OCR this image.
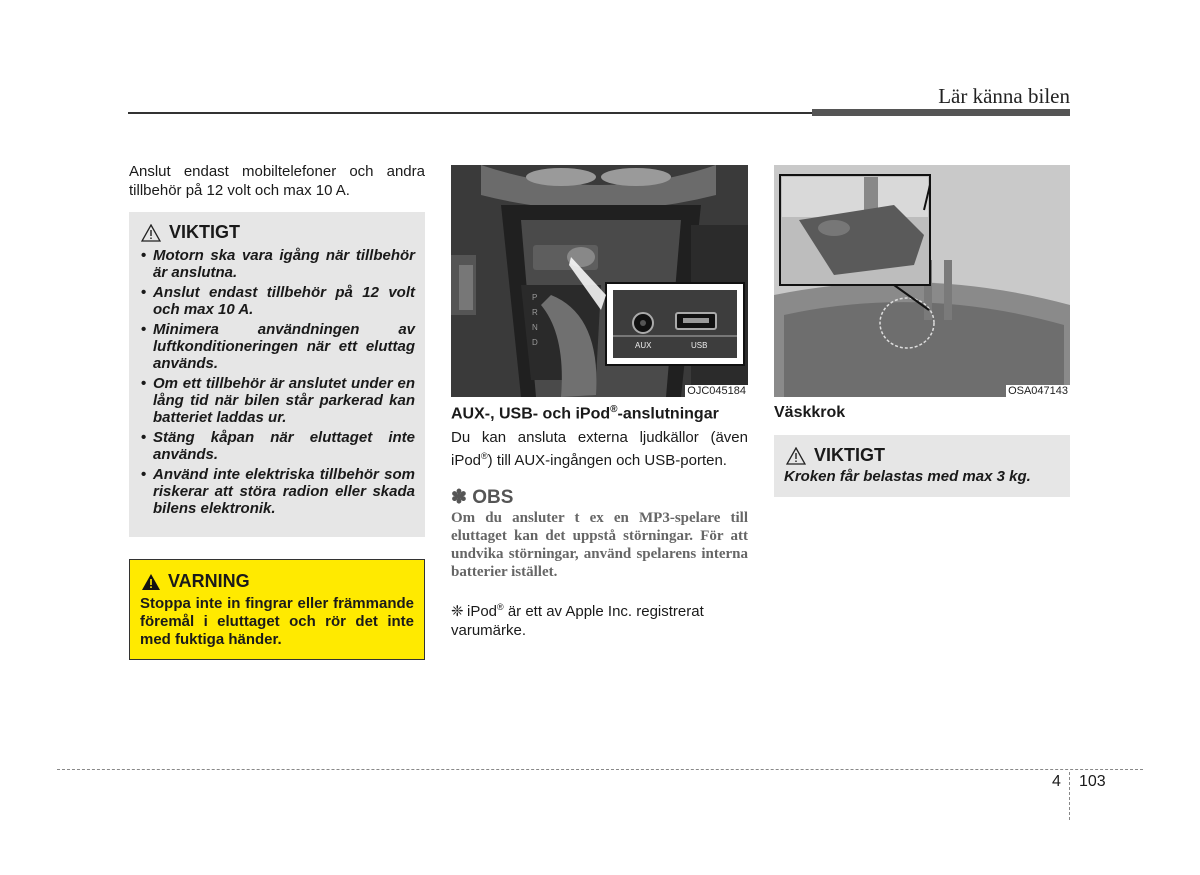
Lär känna bilen
Anslut endast mobiltelefoner och andra tillbehör på 12 volt och max 10 A.
VIKTIGT
• Motorn ska vara igång när tillbehör är anslutna.
• Anslut endast tillbehör på 12 volt och max 10 A.
• Minimera användningen av luftkonditioneringen när ett eluttag används.
• Om ett tillbehör är anslutet under en lång tid när bilen står parkerad kan batteriet laddas ur.
• Stäng kåpan när eluttaget inte används.
• Använd inte elektriska tillbehör som riskerar att störa radion eller skada bilens elektronik.
VARNING
Stoppa inte in fingrar eller främmande föremål i eluttaget och rör det inte med fuktiga händer.
P
R
N
D	AUX	USB
OJC045184
AUX-, USB- och iPod®-anslutningar
Du kan ansluta externa ljudkällor (även iPod®) till AUX-ingången och USB-porten.
✽ OBS
Om du ansluter t ex en MP3-spelare till eluttaget kan det uppstå störningar. För att undvika störningar, använd spelarens interna batterier istället.
❈ iPod® är ett av Apple Inc. registrerat varumärke.
OSA047143
Väskkrok
VIKTIGT
Kroken får belastas med max 3 kg.
4 103
